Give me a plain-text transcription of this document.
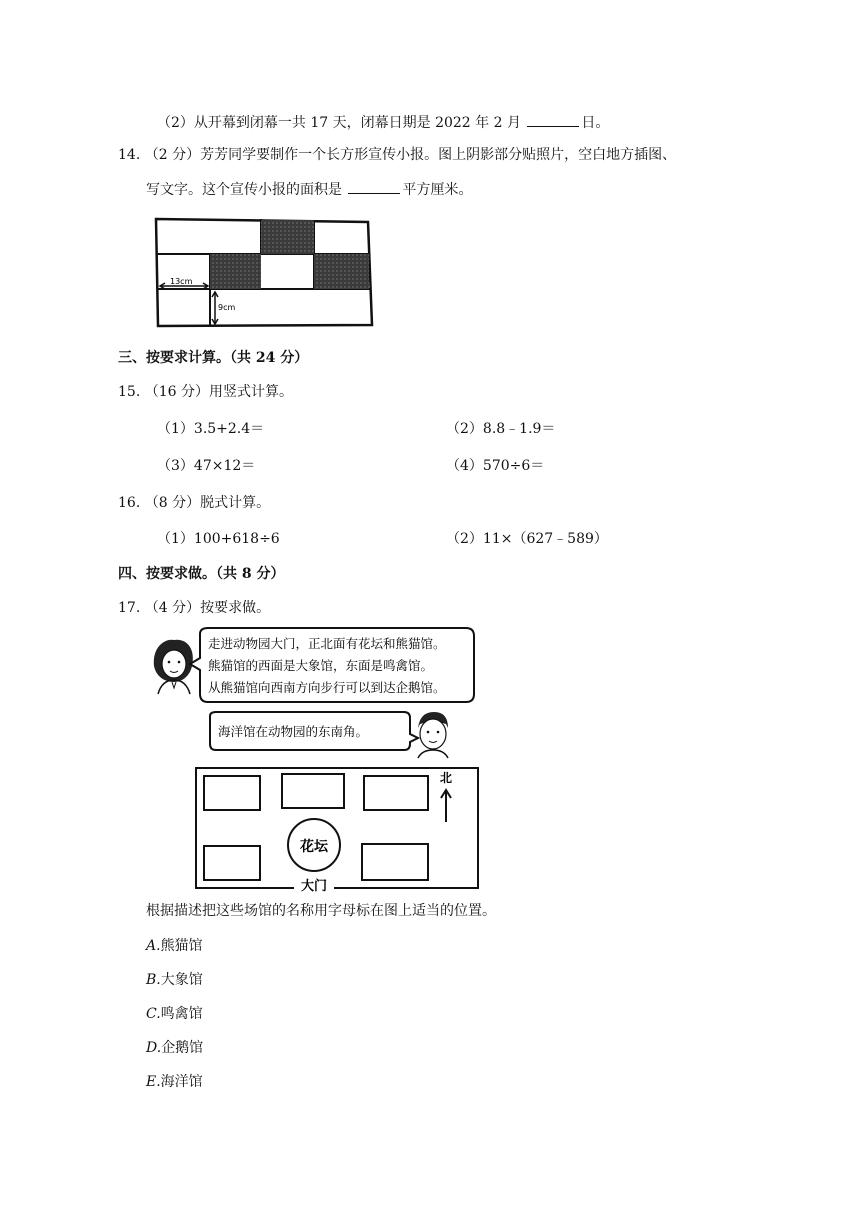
（2）从开幕到闭幕一共 17 天，闭幕日期是 2022 年 2 月	日。
14. （2 分）芳芳同学要制作一个长方形宣传小报。图上阴影部分贴照片，空白地方插图、
写文字。这个宣传小报的面积是	平方厘米。
13cm
9cm
三、按要求计算。（共 24 分）
15. （16 分）用竖式计算。
（1）3.5+2.4＝	（2）8.8﹣1.9＝
（3）47×12＝	（4）570÷6＝
16. （8 分）脱式计算。
（1）100+618÷6	（2）11×（627﹣589）
四、按要求做。（共 8 分）
17. （4 分）按要求做。
走进动物园大门，正北面有花坛和熊猫馆。
熊猫馆的西面是大象馆，东面是鸣禽馆。
从熊猫馆向西南方向步行可以到达企鹅馆。
海洋馆在动物园的东南角。
花坛
大门
北
根据描述把这些场馆的名称用字母标在图上适当的位置。
A.熊猫馆
B.大象馆
C.鸣禽馆
D.企鹅馆
E.海洋馆
